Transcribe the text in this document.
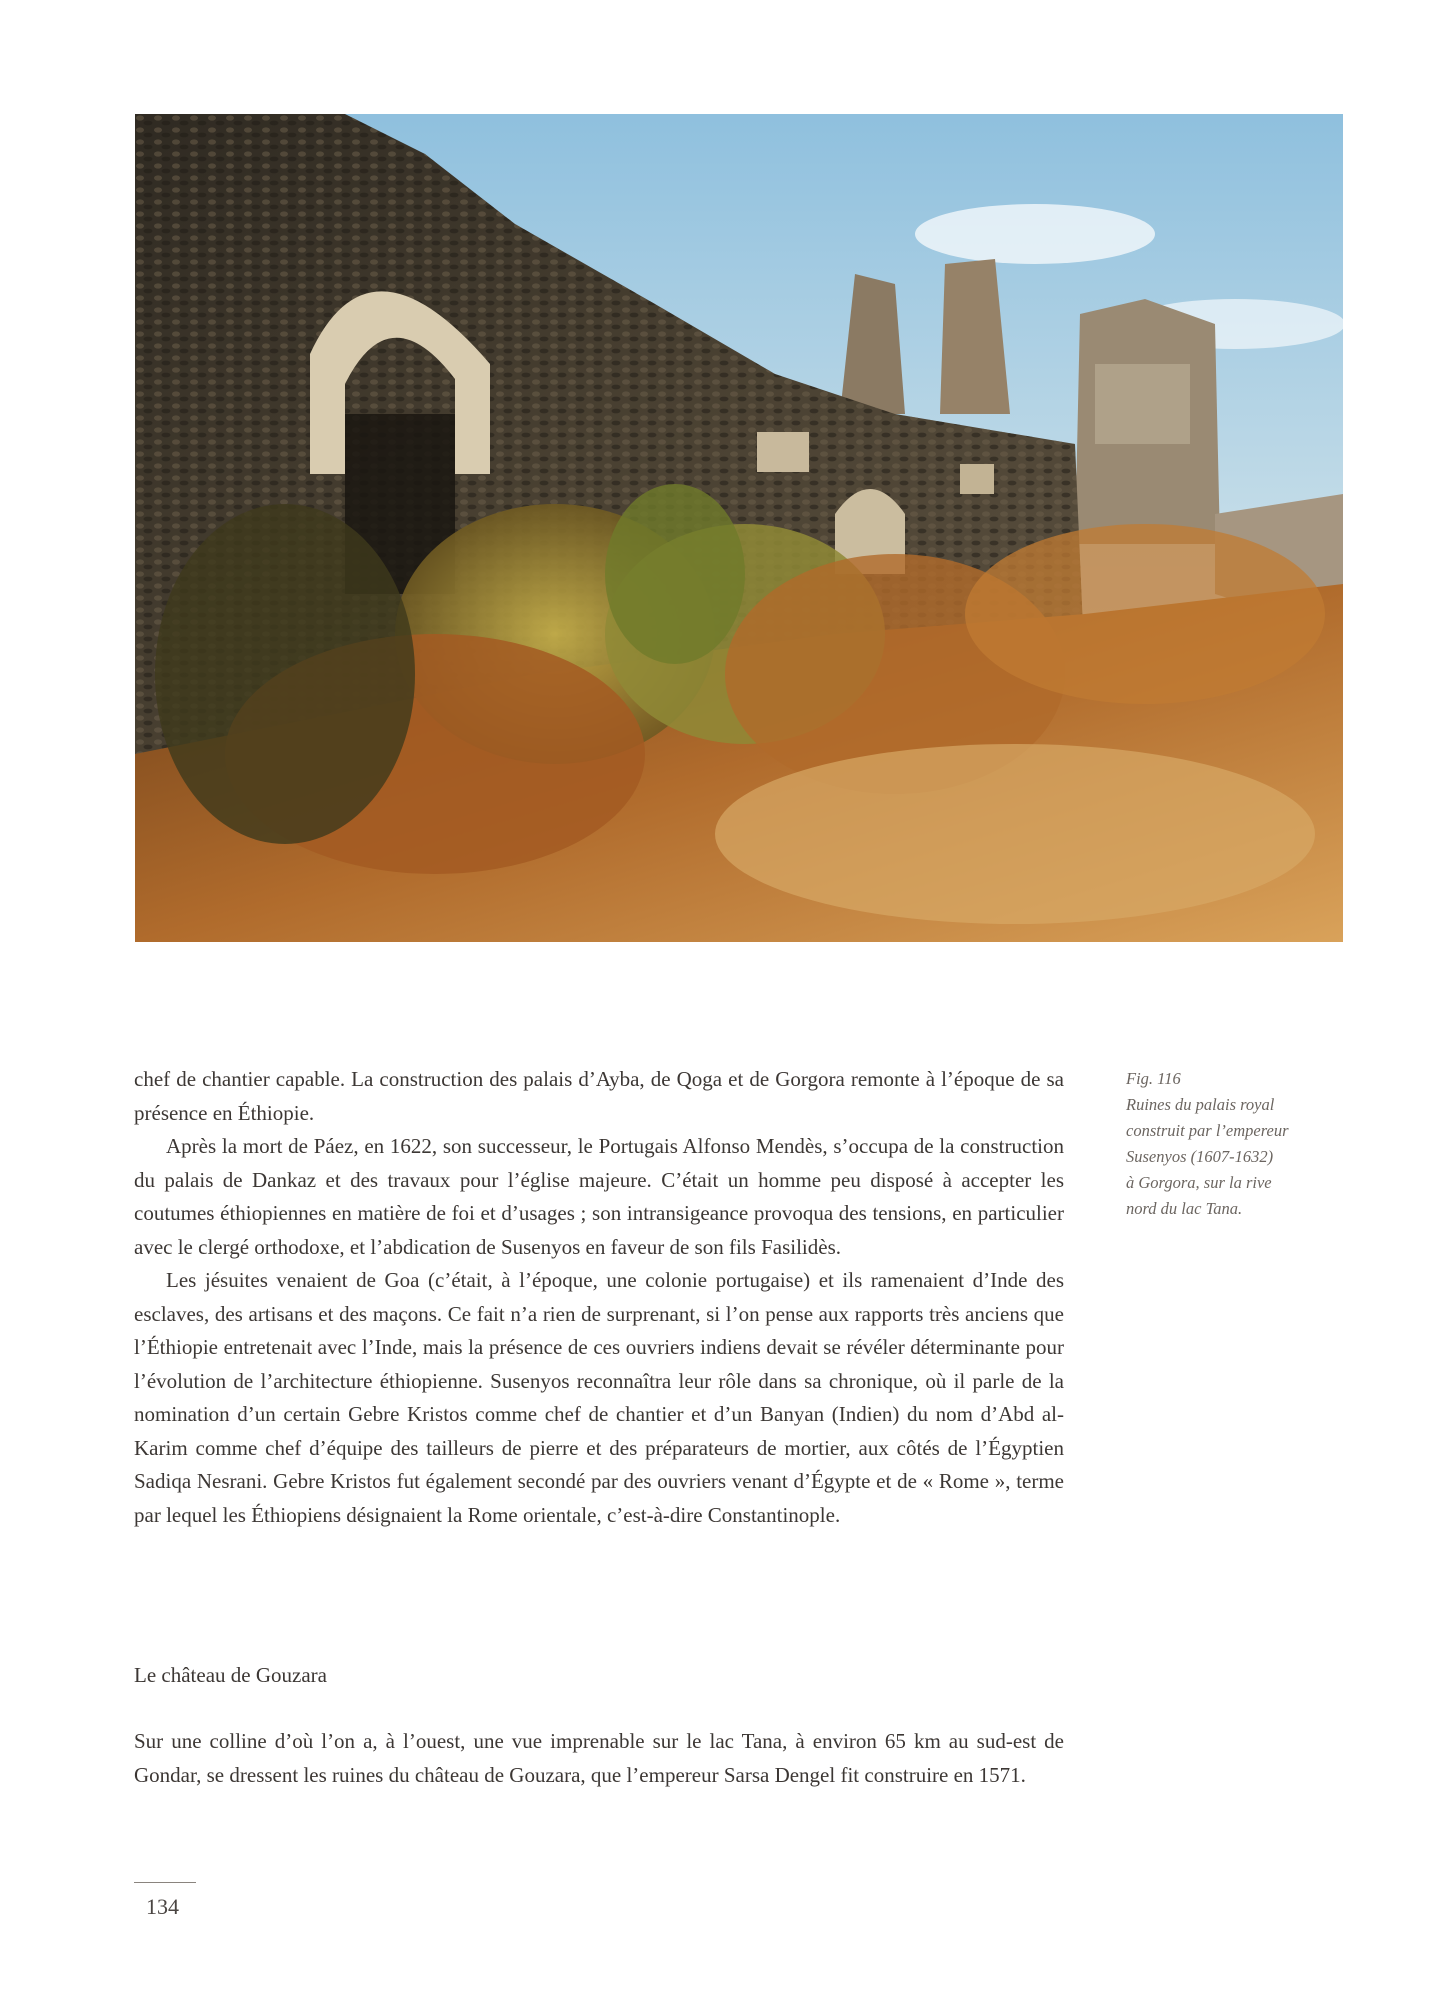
Fig. 116
Ruines du palais royal
construit par l’empereur
Susenyos (1607-1632)
à Gorgora, sur la rive
nord du lac Tana.

chef de chantier capable. La construction des palais d’Ayba, de Qoga et de Gorgora remonte à l’époque de sa présence en Éthiopie.

Après la mort de Páez, en 1622, son successeur, le Portugais Alfonso Mendès, s’occupa de la construction du palais de Dankaz et des travaux pour l’église majeure. C’était un homme peu disposé à accepter les coutumes éthiopiennes en matière de foi et d’usages ; son intransigeance provoqua des tensions, en particulier avec le clergé orthodoxe, et l’abdication de Susenyos en faveur de son fils Fasilidès.

Les jésuites venaient de Goa (c’était, à l’époque, une colonie portugaise) et ils ramenaient d’Inde des esclaves, des artisans et des maçons. Ce fait n’a rien de surprenant, si l’on pense aux rapports très anciens que l’Éthiopie entretenait avec l’Inde, mais la présence de ces ouvriers indiens devait se révéler déterminante pour l’évolution de l’architecture éthiopienne. Susenyos reconnaîtra leur rôle dans sa chronique, où il parle de la nomination d’un certain Gebre Kristos comme chef de chantier et d’un Banyan (Indien) du nom d’Abd al-Karim comme chef d’équipe des tailleurs de pierre et des préparateurs de mortier, aux côtés de l’Égyptien Sadiqa Nesrani. Gebre Kristos fut également secondé par des ouvriers venant d’Égypte et de « Rome », terme par lequel les Éthiopiens désignaient la Rome orientale, c’est-à-dire Constantinople.

Le château de Gouzara

Sur une colline d’où l’on a, à l’ouest, une vue imprenable sur le lac Tana, à environ 65 km au sud-est de Gondar, se dressent les ruines du château de Gouzara, que l’empereur Sarsa Dengel fit construire en 1571.

134
